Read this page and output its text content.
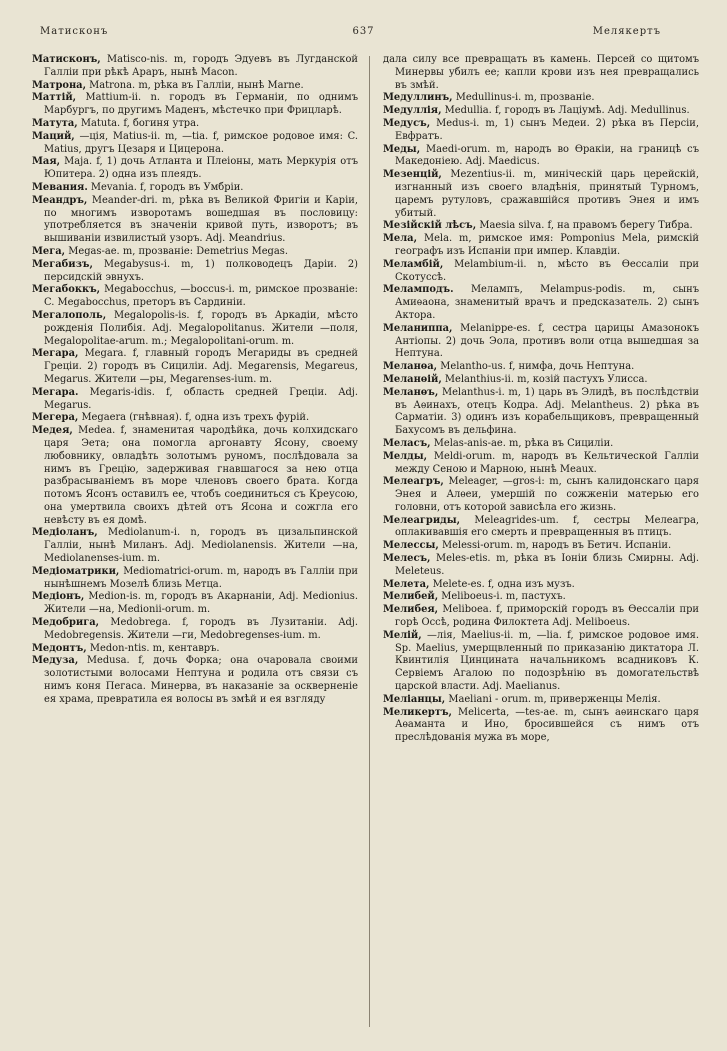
Матисконъ	637	Мелякертъ

Матисконъ, Matisco-nis. m, городъ Эдуевъ въ Лугданской Галліи при рѣкѣ Араръ, нынѣ Macon.

Матрона, Matrona. m, рѣка въ Галліи, нынѣ Marne.

Маттій, Mattium-ii. n. городъ въ Германіи, по однимъ Марбургъ, по другимъ Маденъ, мѣстечко при Фрицларѣ.

Матута, Matuta. f, богиня утра.

Маций, —ція, Matius-ii. m, —tia. f, римское родовое имя: C. Matius, другъ Цезаря и Цицерона.

Мая, Maja. f, 1) дочь Атланта и Плеіоны, мать Меркурія отъ Юпитера. 2) одна изъ плеядъ.

Мевания. Mevania. f, городъ въ Умбріи.

Меандръ, Meander-dri. m, рѣка въ Великой Фригіи и Каріи, по многимъ изворотамъ вошедшая въ пословицу: употребляется въ значеніи кривой путь, изворотъ; въ вышиваніи извилистый узоръ. Adj. Meandrius.

Мега, Megas-ae. m, прозваніе: Demetrius Megas.

Мегабизъ, Megabysus-i. m, 1) полководецъ Даріи. 2) персидскій эвнухъ.

Мегабоккъ, Megabocchus, —boccus-i. m, римское прозваніе: C. Megabocchus, преторъ въ Сардиніи.

Мегалополь, Megalopolis-is. f, городъ въ Аркадіи, мѣсто рожденія Полибія. Adj. Megalopolitanus. Жители —поля, Megalopolitae-arum. m.; Megalopolitani-orum. m.

Мегара, Megara. f, главный городъ Мегариды въ средней Греціи. 2) городъ въ Сициліи. Adj. Megarensis, Megareus, Megarus. Жители —ры, Megarenses-ium. m.

Мегара. Megaris-idis. f, область средней Греціи. Adj. Megarus.

Мегера, Megaera (гнѣвная). f, одна изъ трехъ фурій.

Медея, Medea. f, знаменитая чародѣйка, дочь колхидскаго царя Эетa; она помогла аргонавту Ясону, своему любовнику, овладѣть золотымъ руномъ, послѣдовала за нимъ въ Грецію, задерживая гнавшагося за нею отца разбрасываніемъ въ море членовъ своего брата. Когда потомъ Ясонъ оставилъ ее, чтобъ соединиться съ Креусою, она умертвила своихъ дѣтей отъ Ясона и сожгла его невѣсту въ ея домѣ.

Медіоланъ, Mediolanum-i. n, городъ въ цизальпинской Галліи, нынѣ Миланъ. Adj. Mediolanensis. Жители —на, Mediolanenses-ium. m.

Медіоматрики, Mediomatrici-orum. m, народъ въ Галліи при нынѣшнемъ Мозелѣ близь Метца.

Медіонъ, Medion-is. m, городъ въ Акарнаніи, Adj. Medionius. Жители —на, Medionii-orum. m.

Медобрига, Medobrega. f, городъ въ Лузитаніи. Adj. Medobregensis. Жители —ги, Medobregenses-ium. m.

Медонтъ, Medon-ntis. m, кентавръ.

Медуза, Medusa. f, дочь Форка; она очаровала своими золотистыми волосами Нептуна и родила отъ связи съ нимъ коня Пегаса. Минерва, въ наказаніе за оскверненіе ея храма, превратила ея волосы въ змѣй и ея взгляду

дала силу все превращать въ камень. Персей со щитомъ Минервы убилъ ее; капли крови изъ нея превращались въ змѣй.

Медуллинъ, Medullinus-i. m, прозваніе.

Медуллія, Medullia. f, городъ въ Лаціумѣ. Adj. Medullinus.

Медусъ, Medus-i. m, 1) сынъ Медеи. 2) рѣка въ Персіи, Евфратъ.

Меды, Maedi-orum. m, народъ во Ѳракіи, на границѣ съ Македоніею. Adj. Maedicus.

Мезенцій, Mezentius-ii. m, миніческій царь церейскій, изгнанный изъ своего владѣнія, принятый Турномъ, царемъ рутуловъ, сражавшійся противъ Энея и имъ убитый.

Мезійскій лѣсъ, Maesia silva. f, на правомъ берегу Тибра.

Мела, Mela. m, римское имя: Pomponius Mela, римскій географъ изъ Испаніи при импер. Клавдіи.

Меламбій, Melambium-ii. n, мѣсто въ Ѳессаліи при Скотуссѣ.

Меламподъ. Мелампъ, Melampus-podis. m, сынъ Амиѳаона, знаменитый врачъ и предсказатель. 2) сынъ Актора.

Меланиппа, Melanippe-es. f, сестра царицы Амазонокъ Антіопы. 2) дочь Эола, противъ воли отца вышедшая за Нептуна.

Меланѳа, Melantho-us. f, нимфа, дочь Нептуна.

Меланѳій, Melanthius-ii. m, козій пастухъ Улисса.

Меланѳъ, Melanthus-i. m, 1) царь въ Элидѣ, въ послѣдствіи въ Аѳинахъ, отецъ Кодра. Adj. Melantheus. 2) рѣка въ Сарматіи. 3) одинъ изъ корабельщиковъ, превращенный Бахусомъ въ дельфина.

Меласъ, Melas-anis-ae. m, рѣка въ Сициліи.

Мелды, Meldi-orum. m, народъ въ Кельтической Галліи между Сеною и Марною, нынѣ Meaux.

Мелеагръ, Meleager, —gros-i: m, сынъ калидонскаго царя Энея и Алѳеи, умершій по сожженіи матерью его головни, отъ которой зависѣла его жизнь.

Мелеагриды, Meleagrides-um. f, сестры Мелеагра, оплакивавшія его смерть и превращенныя въ птицъ.

Мелессы, Melessi-orum. m, народъ въ Бетич. Испаніи.

Мелесъ, Meles-etis. m, рѣка въ Іоніи близь Смирны. Adj. Meleteus.

Мелета, Melete-es. f, одна изъ музъ.

Мелибей, Meliboeus-i. m, пастухъ.

Мелибея, Meliboea. f, приморскій городъ въ Ѳессаліи при горѣ Оссѣ, родина Филоктета Adj. Meliboeus.

Мелій, —лія, Maelius-ii. m, —lia. f, римское родовое имя. Sp. Maelius, умерщвленный по приказанію диктатора Л. Квинтилія Цинцината начальникомъ всадниковъ К. Сервіемъ Агалою по подозрѣнію въ домогательствѣ царской власти. Adj. Maelianus.

Меліанцы, Maeliani - orum. m, приверженцы Мелія.

Меликертъ, Melicerta, —tes-ae. m, сынъ аѳинскаго царя Аѳаманта и Ино, бросившейся съ нимъ отъ преслѣдованія мужа въ море,
